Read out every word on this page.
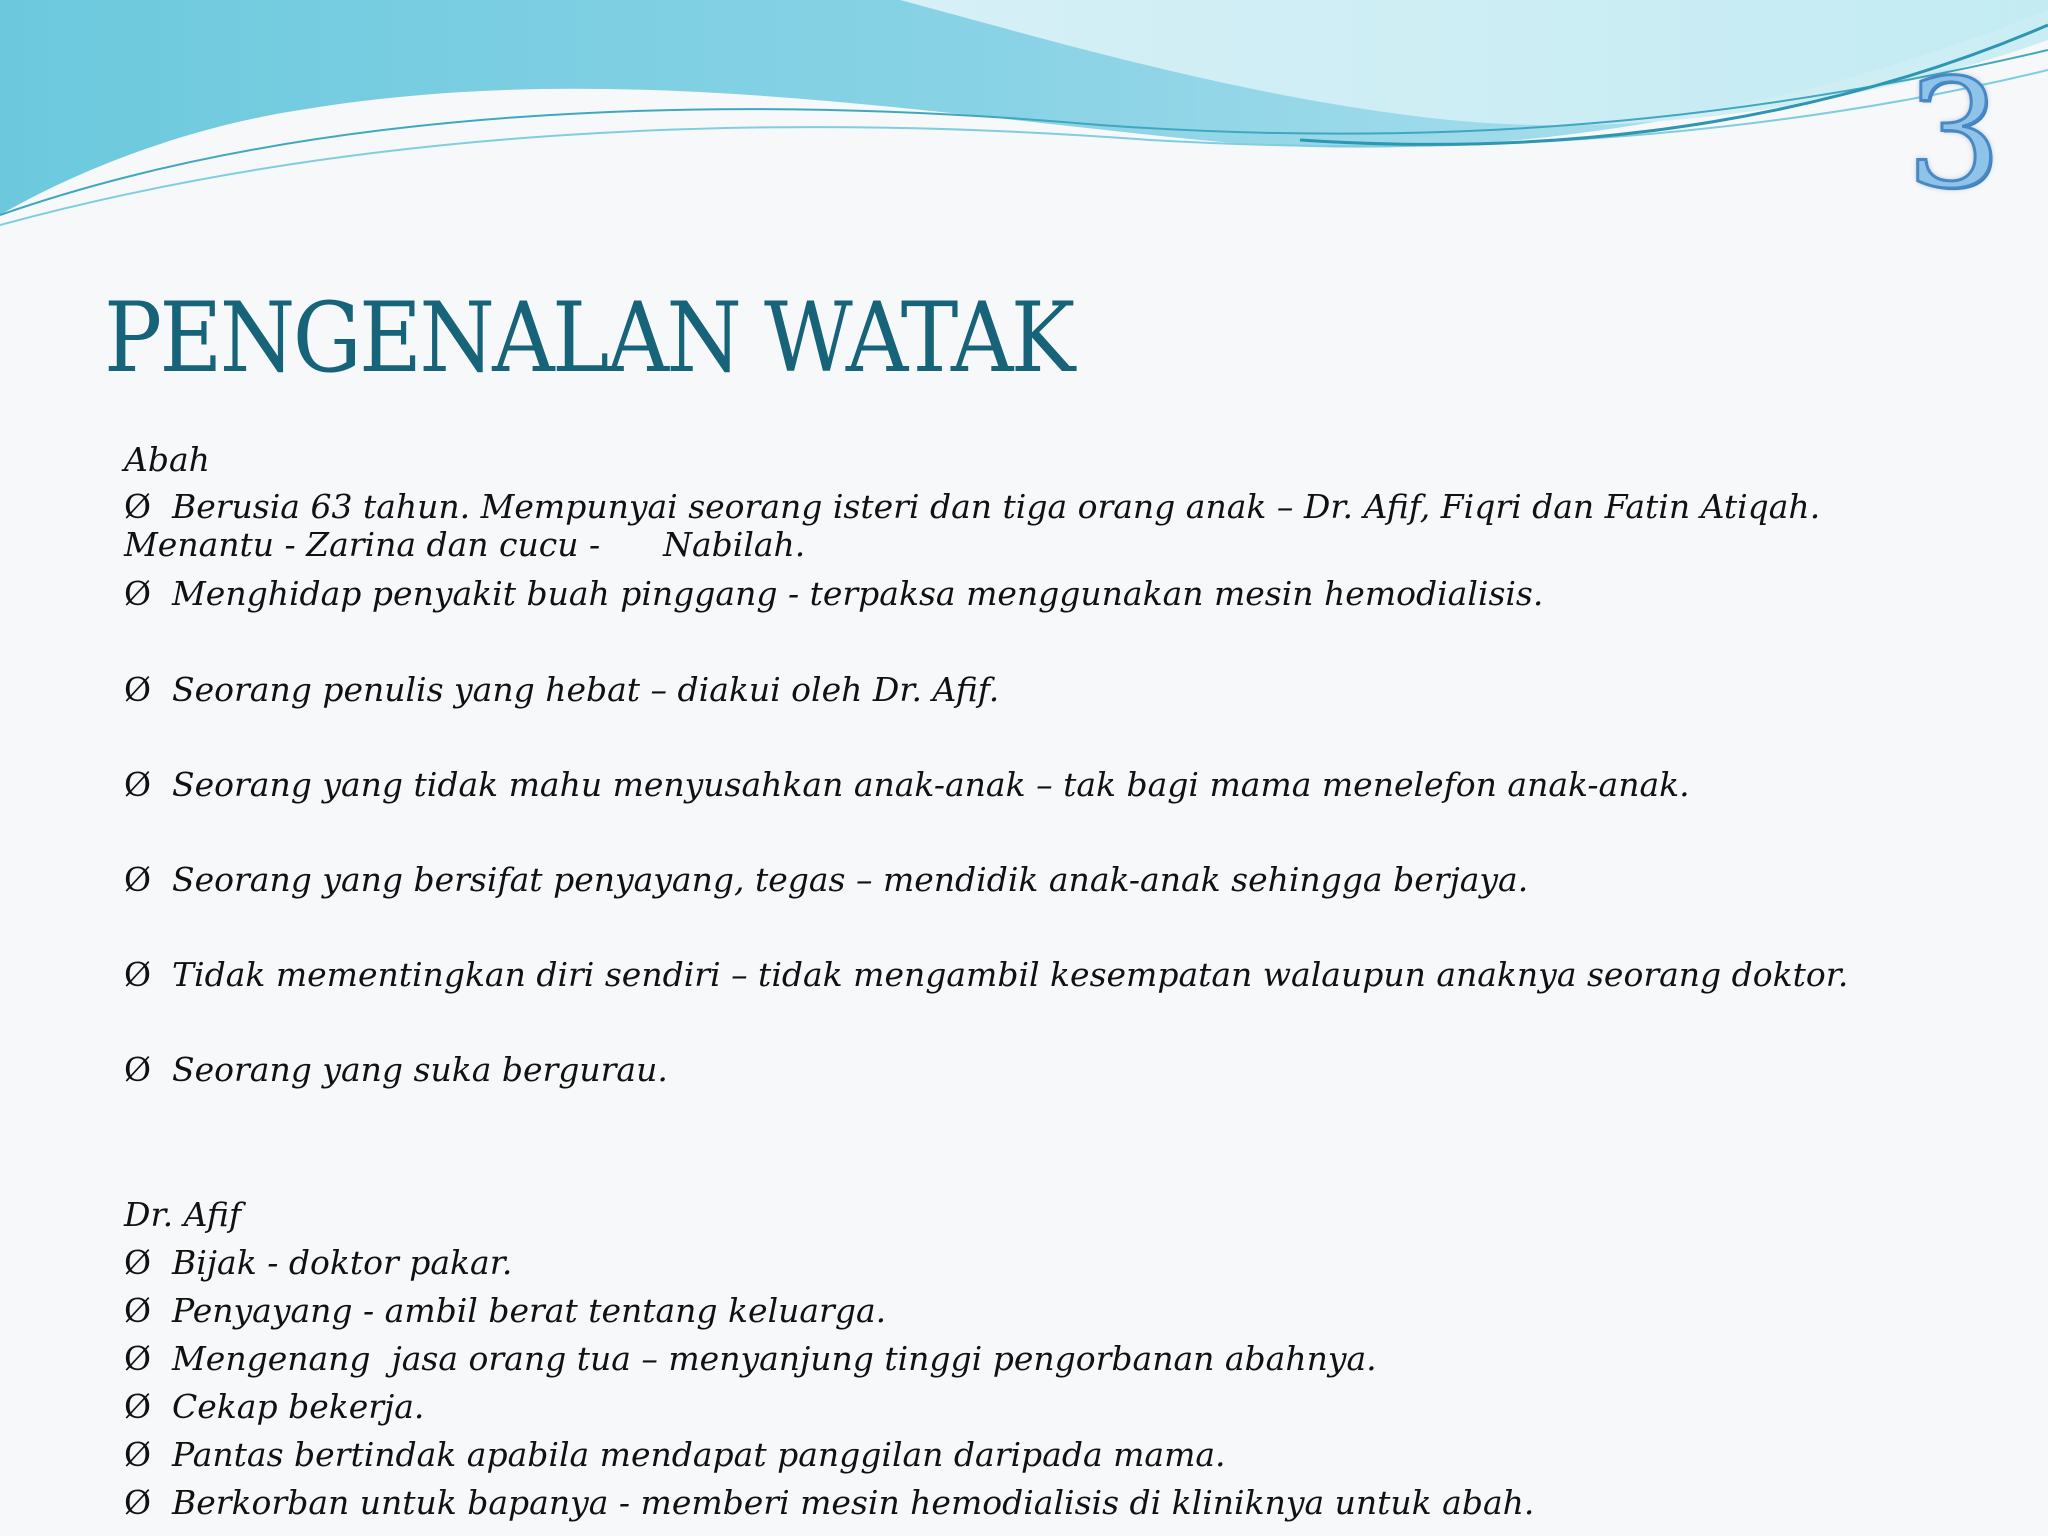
3
PENGENALAN WATAK
Abah
Ø Berusia 63 tahun. Mempunyai seorang isteri dan tiga orang anak – Dr. Afif, Fiqri dan Fatin Atiqah.
Menantu - Zarina dan cucu -      Nabilah.
Ø Menghidap penyakit buah pinggang - terpaksa menggunakan mesin hemodialisis.
Ø Seorang penulis yang hebat – diakui oleh Dr. Afif.
Ø Seorang yang tidak mahu menyusahkan anak-anak – tak bagi mama menelefon anak-anak.
Ø Seorang yang bersifat penyayang, tegas – mendidik anak-anak sehingga berjaya.
Ø Tidak mementingkan diri sendiri – tidak mengambil kesempatan walaupun anaknya seorang doktor.
Ø Seorang yang suka bergurau.
Dr. Afif
Ø Bijak - doktor pakar.
Ø Penyayang - ambil berat tentang keluarga.
Ø Mengenang  jasa orang tua – menyanjung tinggi pengorbanan abahnya.
Ø Cekap bekerja.
Ø Pantas bertindak apabila mendapat panggilan daripada mama.
Ø Berkorban untuk bapanya - memberi mesin hemodialisis di kliniknya untuk abah.
